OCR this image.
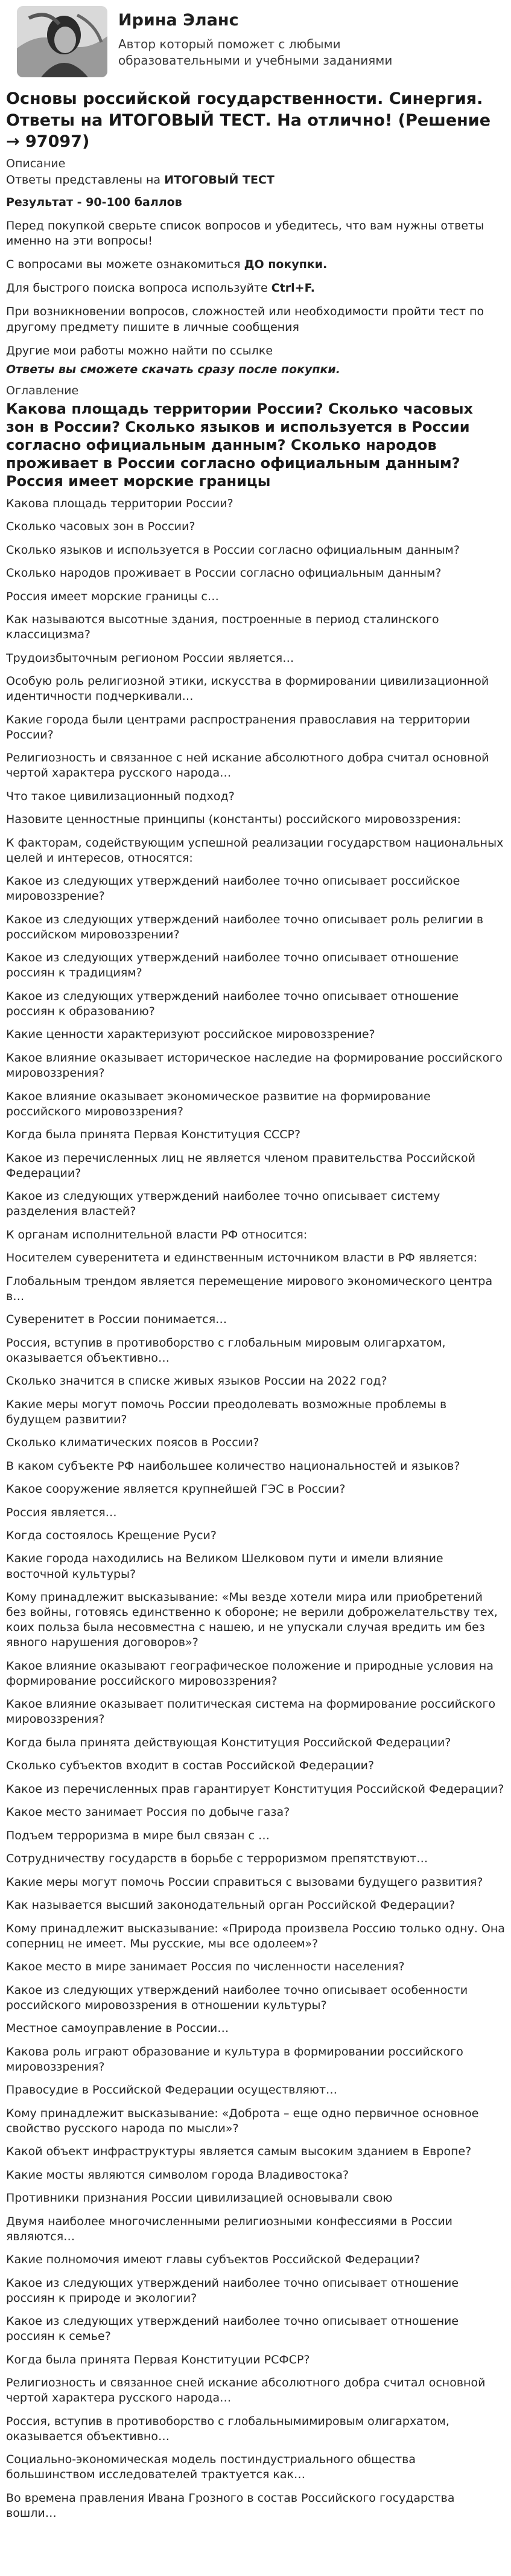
Ирина Эланс
Автор который поможет с любыми образовательными и учебными заданиями
Основы российской государственности. Синергия. Ответы на ИТОГОВЫЙ ТЕСТ. На отлично! (Решение → 97097)
Описание
Ответы представлены на ИТОГОВЫЙ ТЕСТ
Результат - 90-100 баллов

Перед покупкой сверьте список вопросов и убедитесь, что вам нужны ответы именно на эти вопросы!

С вопросами вы можете ознакомиться ДО покупки.

Для быстрого поиска вопроса используйте Ctrl+F.

При возникновении вопросов, сложностей или необходимости пройти тест по другому предмету пишите в личные сообщения

Другие мои работы можно найти по ссылке

Ответы вы сможете скачать сразу после покупки.

Оглавление
Какова площадь территории России? Сколько часовых зон в России? Сколько языков и используется в России согласно официальным данным? Сколько народов проживает в России согласно официальным данным? Россия имеет морские границы
Какова площадь территории России?
Сколько часовых зон в России?
Сколько языков и используется в России согласно официальным данным?
Сколько народов проживает в России согласно официальным данным?
Россия имеет морские границы с…
Как называются высотные здания, построенные в период сталинского классицизма?
Трудоизбыточным регионом России является…
Особую роль религиозной этики, искусства в формировании цивилизационной идентичности подчеркивали…
Какие города были центрами распространения православия на территории России?
Религиозность и связанное с ней искание абсолютного добра считал основной чертой характера русского народа…
Что такое цивилизационный подход?
Назовите ценностные принципы (константы) российского мировоззрения:
К факторам, содействующим успешной реализации государством национальных целей и интересов, относятся:
Какое из следующих утверждений наиболее точно описывает российское мировоззрение?
Какое из следующих утверждений наиболее точно описывает роль религии в российском мировоззрении?
Какое из следующих утверждений наиболее точно описывает отношение россиян к традициям?
Какое из следующих утверждений наиболее точно описывает отношение россиян к образованию?
Какие ценности характеризуют российское мировоззрение?
Какое влияние оказывает историческое наследие на формирование российского мировоззрения?
Какое влияние оказывает экономическое развитие на формирование российского мировоззрения?
Когда была принята Первая Конституция СССР?
Какое из перечисленных лиц не является членом правительства Российской Федерации?
Какое из следующих утверждений наиболее точно описывает систему разделения властей?
К органам исполнительной власти РФ относится:
Носителем суверенитета и единственным источником власти в РФ является:
Глобальным трендом является перемещение мирового экономического центра в…
Суверенитет в России понимается…
Россия, вступив в противоборство с глобальным мировым олигархатом, оказывается объективно…
Сколько значится в списке живых языков России на 2022 год?
Какие меры могут помочь России преодолевать возможные проблемы в будущем развитии?
Сколько климатических поясов в России?
В каком субъекте РФ наибольшее количество национальностей и языков?
Какое сооружение является крупнейшей ГЭС в России?
Россия является…
Когда состоялось Крещение Руси?
Какие города находились на Великом Шелковом пути и имели влияние восточной культуры?
Кому принадлежит высказывание: «Мы везде хотели мира или приобретений без войны, готовясь единственно к обороне; не верили доброжелательству тех, коих польза была несовместна с нашею, и не упускали случая вредить им без явного нарушения договоров»?
Какое влияние оказывают географическое положение и природные условия на формирование российского мировоззрения?
Какое влияние оказывает политическая система на формирование российского мировоззрения?
Когда была принята действующая Конституция Российской Федерации?
Сколько субъектов входит в состав Российской Федерации?
Какое из перечисленных прав гарантирует Конституция Российской Федерации?
Какое место занимает Россия по добыче газа?
Подъем терроризма в мире был связан с …
Сотрудничеству государств в борьбе с терроризмом препятствуют…
Какие меры могут помочь России справиться с вызовами будущего развития?
Как называется высший законодательный орган Российской Федерации?
Кому принадлежит высказывание: «Природа произвела Россию только одну. Она соперниц не имеет. Мы русские, мы все одолеем»?
Какое место в мире занимает Россия по численности населения?
Какое из следующих утверждений наиболее точно описывает особенности российского мировоззрения в отношении культуры?
Местное самоуправление в России…
Какова роль играют образование и культура в формировании российского мировоззрения?
Правосудие в Российской Федерации осуществляют…
Кому принадлежит высказывание: «Доброта – еще одно первичное основное свойство русского народа по мысли»?
Какой объект инфраструктуры является самым высоким зданием в Европе?
Какие мосты являются символом города Владивостока?
Противники признания России цивилизацией основывали свою
Двумя наиболее многочисленными религиозными конфессиями в России являются…
Какие полномочия имеют главы субъектов Российской Федерации?
Какое из следующих утверждений наиболее точно описывает отношение россиян к природе и экологии?
Какое из следующих утверждений наиболее точно описывает отношение россиян к семье?
Когда была принята Первая Конституции РСФСР?
Религиозность и связанное сней искание абсолютного добра считал основной чертой характера русского народа…
Россия, вступив в противоборство с глобальнымимировым олигархатом, оказывается объективно…
Социально-экономическая модель постиндустриального общества большинством исследователей трактуется как…
Во времена правления Ивана Грозного в состав Российского государства вошли…
